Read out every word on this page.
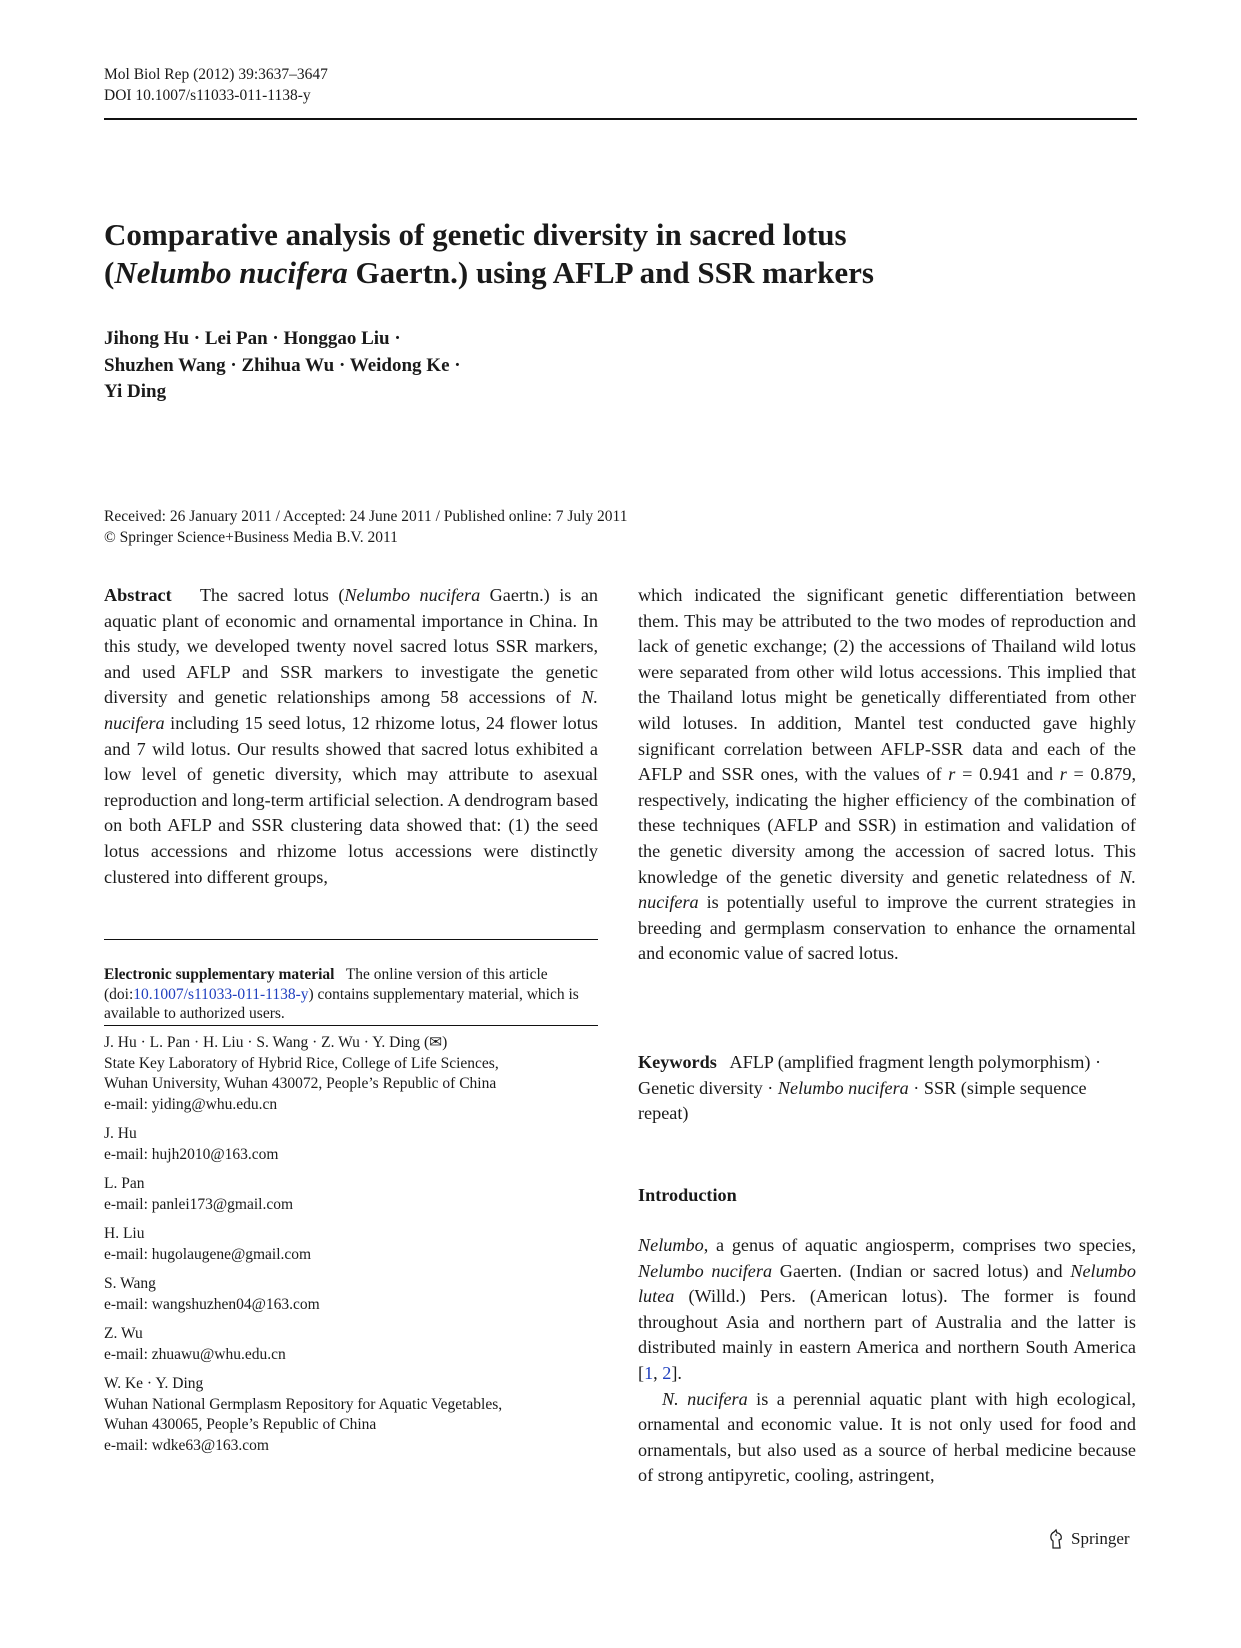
Mol Biol Rep (2012) 39:3637–3647
DOI 10.1007/s11033-011-1138-y
Comparative analysis of genetic diversity in sacred lotus
(Nelumbo nucifera Gaertn.) using AFLP and SSR markers
Jihong Hu · Lei Pan · Honggao Liu ·
Shuzhen Wang · Zhihua Wu · Weidong Ke ·
Yi Ding
Received: 26 January 2011 / Accepted: 24 June 2011 / Published online: 7 July 2011
© Springer Science+Business Media B.V. 2011
Abstract The sacred lotus (Nelumbo nucifera Gaertn.) is an aquatic plant of economic and ornamental importance in China. In this study, we developed twenty novel sacred lotus SSR markers, and used AFLP and SSR markers to investigate the genetic diversity and genetic relationships among 58 accessions of N. nucifera including 15 seed lotus, 12 rhizome lotus, 24 flower lotus and 7 wild lotus. Our results showed that sacred lotus exhibited a low level of genetic diversity, which may attribute to asexual reproduction and long-term artificial selection. A dendrogram based on both AFLP and SSR clustering data showed that: (1) the seed lotus accessions and rhizome lotus accessions were distinctly clustered into different groups,
Electronic supplementary material The online version of this article (doi:10.1007/s11033-011-1138-y) contains supplementary material, which is available to authorized users.
J. Hu · L. Pan · H. Liu · S. Wang · Z. Wu · Y. Ding (✉)
State Key Laboratory of Hybrid Rice, College of Life Sciences,
Wuhan University, Wuhan 430072, People’s Republic of China
e-mail: yiding@whu.edu.cn
J. Hu
e-mail: hujh2010@163.com
L. Pan
e-mail: panlei173@gmail.com
H. Liu
e-mail: hugolaugene@gmail.com
S. Wang
e-mail: wangshuzhen04@163.com
Z. Wu
e-mail: zhuawu@whu.edu.cn
W. Ke · Y. Ding
Wuhan National Germplasm Repository for Aquatic Vegetables,
Wuhan 430065, People’s Republic of China
e-mail: wdke63@163.com
which indicated the significant genetic differentiation between them. This may be attributed to the two modes of reproduction and lack of genetic exchange; (2) the accessions of Thailand wild lotus were separated from other wild lotus accessions. This implied that the Thailand lotus might be genetically differentiated from other wild lotuses. In addition, Mantel test conducted gave highly significant correlation between AFLP-SSR data and each of the AFLP and SSR ones, with the values of r = 0.941 and r = 0.879, respectively, indicating the higher efficiency of the combination of these techniques (AFLP and SSR) in estimation and validation of the genetic diversity among the accession of sacred lotus. This knowledge of the genetic diversity and genetic relatedness of N. nucifera is potentially useful to improve the current strategies in breeding and germplasm conservation to enhance the ornamental and economic value of sacred lotus.
Keywords AFLP (amplified fragment length polymorphism) · Genetic diversity · Nelumbo nucifera · SSR (simple sequence repeat)
Introduction

Nelumbo, a genus of aquatic angiosperm, comprises two species, Nelumbo nucifera Gaerten. (Indian or sacred lotus) and Nelumbo lutea (Willd.) Pers. (American lotus). The former is found throughout Asia and northern part of Australia and the latter is distributed mainly in eastern America and northern South America [1, 2].

N. nucifera is a perennial aquatic plant with high ecological, ornamental and economic value. It is not only used for food and ornamentals, but also used as a source of herbal medicine because of strong antipyretic, cooling, astringent,

Springer
